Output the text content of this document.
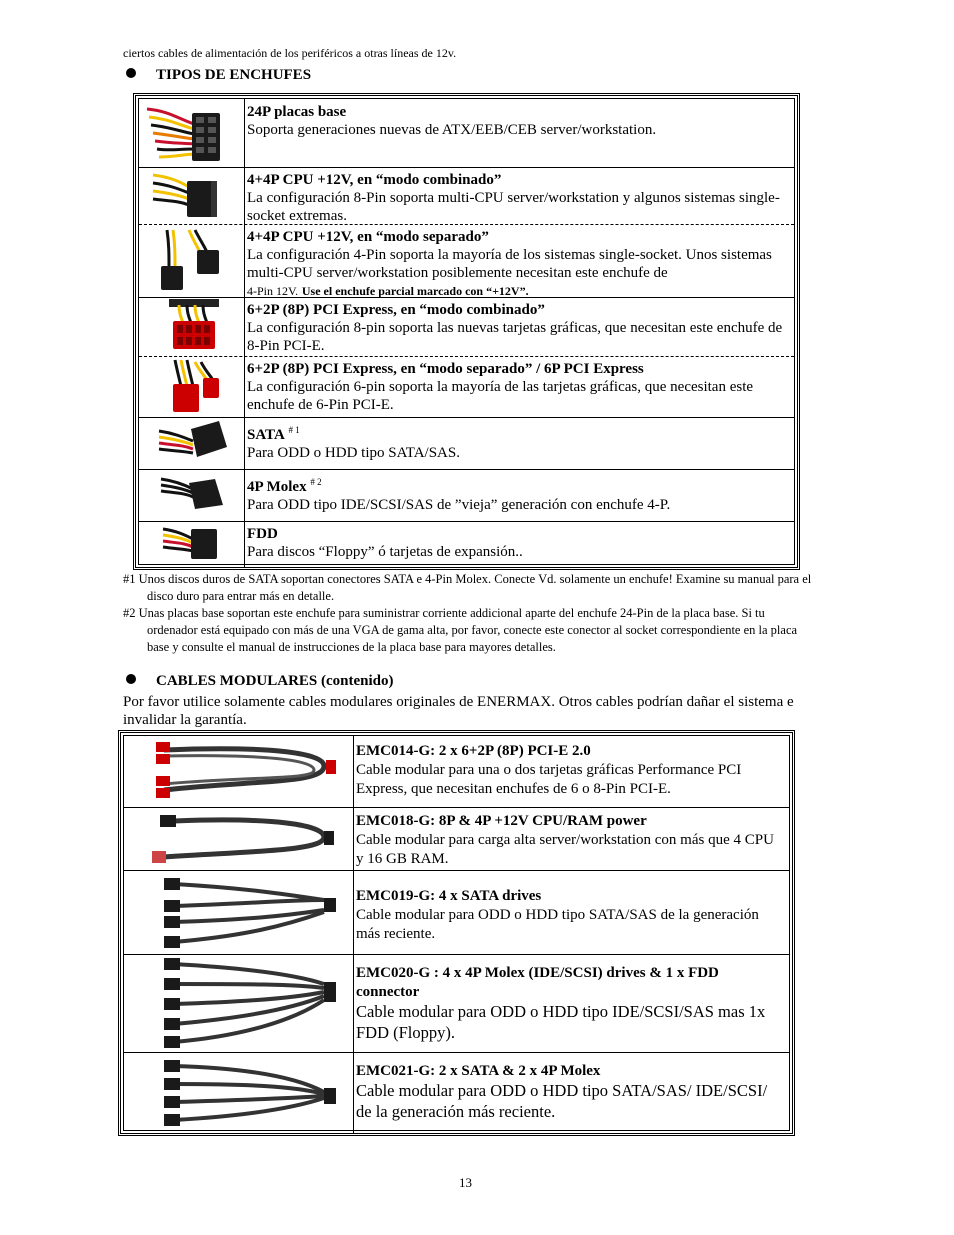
ciertos cables de alimentación de los periféricos a otras líneas de 12v.
TIPOS DE ENCHUFES
24P placas base
Soporta generaciones nuevas de ATX/EEB/CEB server/workstation.
4+4P CPU +12V, en “modo combinado”
La configuración 8-Pin soporta multi-CPU server/workstation y algunos sistemas single-socket extremas.
4+4P CPU +12V, en “modo separado”
La configuración 4-Pin soporta la mayoría de los sistemas single-socket. Unos sistemas multi-CPU server/workstation posiblemente necesitan este enchufe de
4-Pin 12V. Use el enchufe parcial marcado con “+12V”.
6+2P (8P) PCI Express, en “modo combinado”
La configuración 8-pin soporta las nuevas tarjetas gráficas, que necesitan este enchufe de 8-Pin PCI-E.
6+2P (8P) PCI Express, en “modo separado” / 6P PCI Express
La configuración 6-pin soporta la mayoría de las tarjetas gráficas, que necesitan este enchufe de 6-Pin PCI-E.
SATA $^{\# 1}$
Para ODD o HDD tipo SATA/SAS.
4P Molex $^{\# 2}$
Para ODD tipo IDE/SCSI/SAS de ”vieja” generación con enchufe 4-P.
FDD
Para discos “Floppy” ó tarjetas de expansión..

#1 Unos discos duros de SATA soportan conectores SATA e 4-Pin Molex. Conecte Vd. solamente un enchufe! Examine su manual para el disco duro para entrar más en detalle.

#2 Unas placas base soportan este enchufe para suministrar corriente addicional aparte del enchufe 24-Pin de la placa base. Si tu ordenador está equipado con más de una VGA de gama alta, por favor, conecte este conector al socket correspondiente en la placa base y consulte el manual de instrucciones de la placa base para mayores detalles.

CABLES MODULARES (contenido)
Por favor utilice solamente cables modulares originales de ENERMAX. Otros cables podrían dañar el sistema e invalidar la garantía.
EMC014-G: 2 x 6+2P (8P) PCI-E 2.0
Cable modular para una o dos tarjetas gráficas Performance PCI Express, que necesitan enchufes de 6 o 8-Pin PCI-E.
EMC018-G: 8P & 4P +12V CPU/RAM power
Cable modular para carga alta server/workstation con más que 4 CPU y 16 GB RAM.
EMC019-G: 4 x SATA drives
Cable modular para ODD o HDD tipo SATA/SAS de la generación más reciente.
EMC020-G : 4 x 4P Molex (IDE/SCSI) drives & 1 x FDD connector
Cable modular para ODD o HDD tipo IDE/SCSI/SAS mas 1x FDD (Floppy).
EMC021-G: 2 x SATA & 2 x 4P Molex
Cable modular para ODD o HDD tipo SATA/SAS/ IDE/SCSI/ de la generación más reciente.
13
